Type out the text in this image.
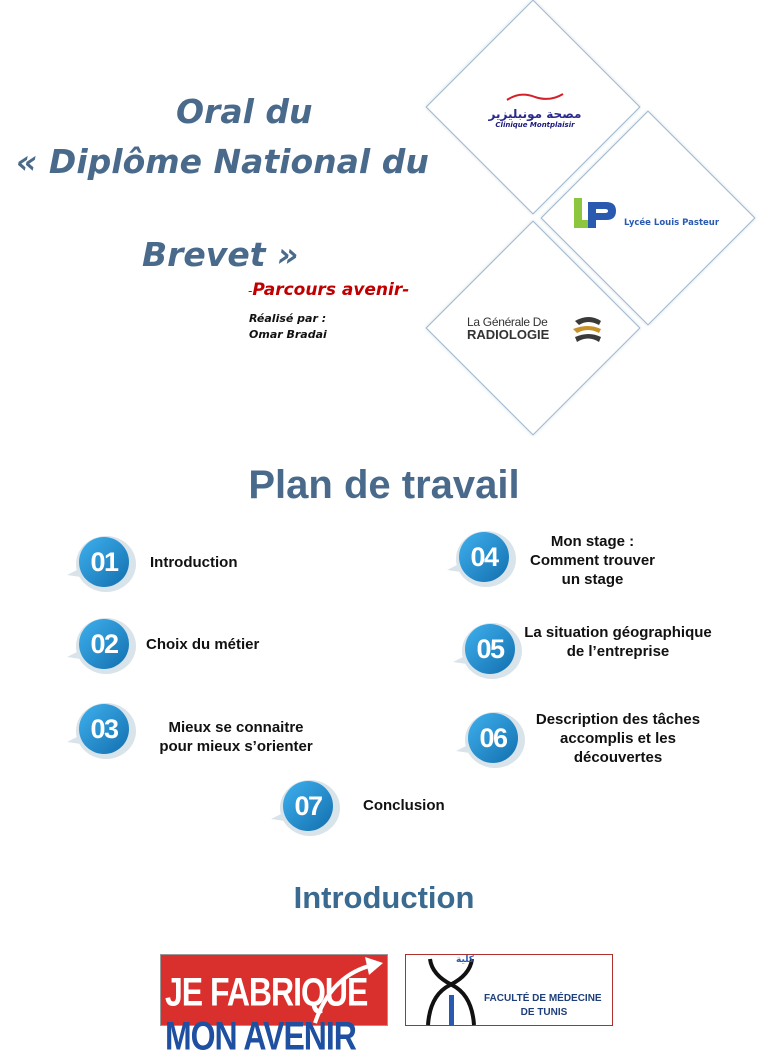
Oral du
« Diplôme National du
Brevet »
-Parcours avenir-
Réalisé par :
Omar Bradai
مصحة مونبليزير
Clinique Montplaisir
Lycée Louis Pasteur
La Générale De
RADIOLOGIE
Plan de travail
01	Introduction
02	Choix du métier
03	Mieux se connaitre
pour mieux s’orienter
04
Mon stage :
Comment trouver
un stage
05
La situation géographique
de l’entreprise
06
Description des tâches
accomplis et les
découvertes
07	Conclusion
Introduction
JE FABRIQUE
MON AVENIR
كلية
FACULTÉ DE MÉDECINE
DE TUNIS
